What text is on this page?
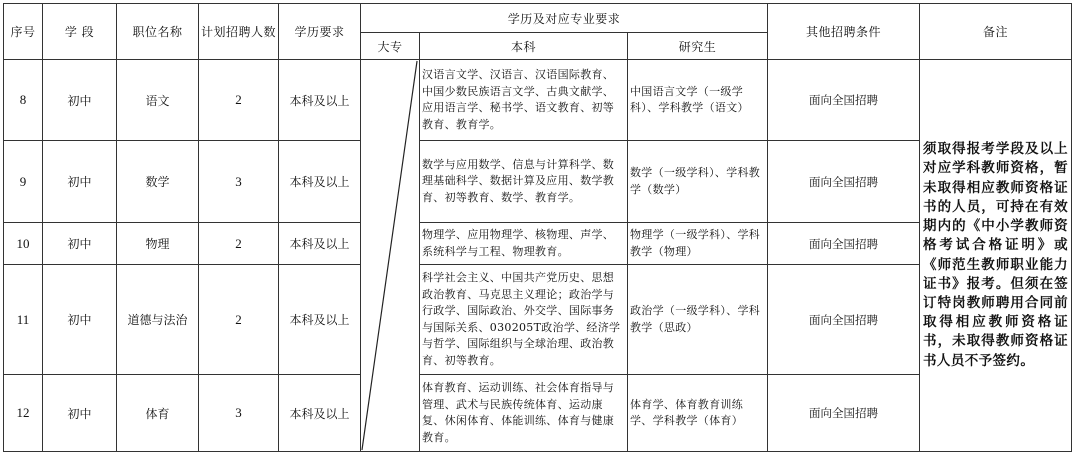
序号	学 段	职位名称	计划招聘人数	学历要求	学历及对应专业要求			其他招聘条件	备注
					大专	本科	研究生		
8	初中	语文	2	本科及以上		汉语言文学、汉语言、汉语国际教育、中国少数民族语言文学、古典文献学、应用语言学、秘书学、语文教育、初等教育、教育学。	中国语言文学（一级学科）、学科教学（语文）	面向全国招聘	须取得报考学段及以上对应学科教师资格，暂未取得相应教师资格证书的人员，可持在有效期内的《中小学教师资格考试合格证明》或《师范生教师职业能力证书》报考。但须在签订特岗教师聘用合同前取得相应教师资格证书，未取得教师资格证书人员不予签约。
9	初中	数学	3	本科及以上		数学与应用数学、信息与计算科学、数理基础科学、数据计算及应用、数学教育、初等教育、数学、教育学。	数学（一级学科）、学科教学（数学）	面向全国招聘	
10	初中	物理	2	本科及以上		物理学、应用物理学、核物理、声学、系统科学与工程、物理教育。	物理学（一级学科）、学科教学（物理）	面向全国招聘	
11	初中	道德与法治	2	本科及以上		科学社会主义、中国共产党历史、思想政治教育、马克思主义理论；政治学与行政学、国际政治、外交学、国际事务与国际关系、030205T政治学、经济学与哲学、国际组织与全球治理、政治教育、初等教育。	政治学（一级学科）、学科教学（思政）	面向全国招聘	
12	初中	体育	3	本科及以上		体育教育、运动训练、社会体育指导与管理、武术与民族传统体育、运动康复、休闲体育、体能训练、体育与健康教育。	体育学、体育教育训练学、学科教学（体育）	面向全国招聘	
